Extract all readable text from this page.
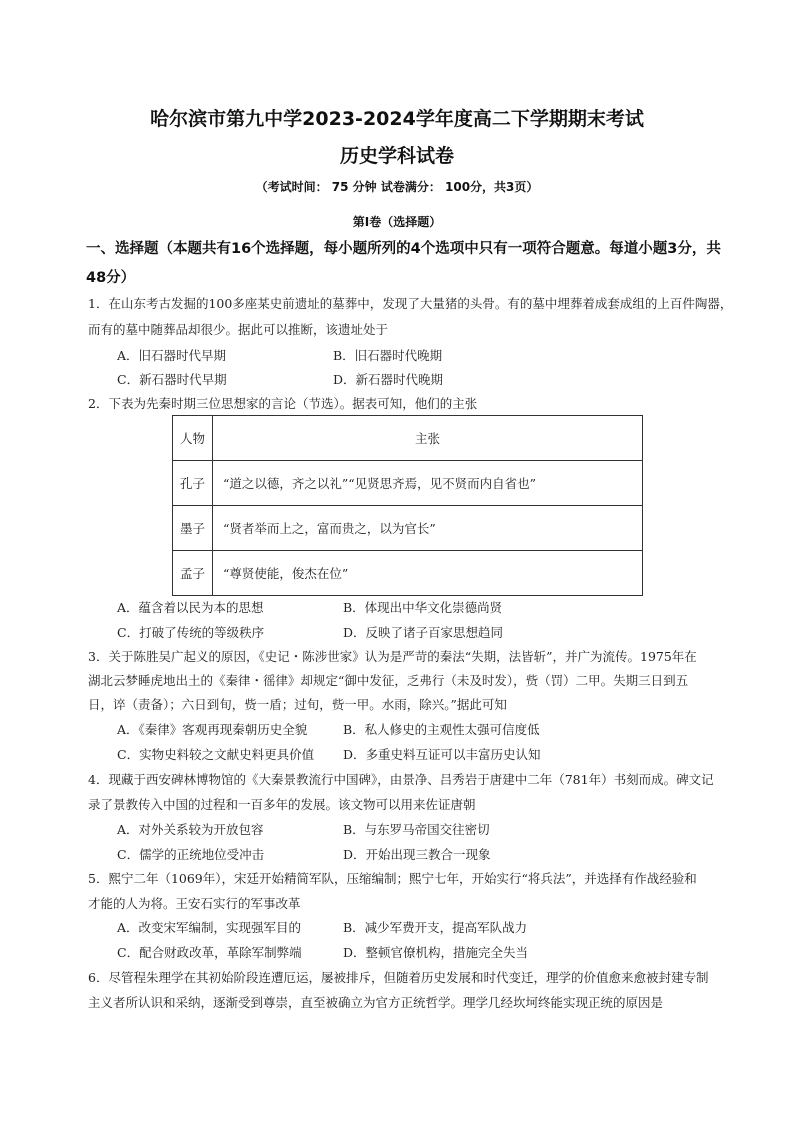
哈尔滨市第九中学2023-2024学年度高二下学期期末考试
历史学科试卷
（考试时间： 75 分钟 试卷满分： 100分，共3页）
第Ⅰ卷（选择题）
一、选择题（本题共有16个选择题，每小题所列的4个选项中只有一项符合题意。每道小题3分，共
48分）
1．在山东考古发掘的100多座某史前遗址的墓葬中，发现了大量猪的头骨。有的墓中埋葬着成套成组的上百件陶器，
而有的墓中随葬品却很少。据此可以推断，该遗址处于
A．旧石器时代早期	B．旧石器时代晚期
C．新石器时代早期	D．新石器时代晚期
2．下表为先秦时期三位思想家的言论（节选）。据表可知，他们的主张
人物	主张
孔子	“道之以德，齐之以礼”“见贤思齐焉，见不贤而内自省也”
墨子	“贤者举而上之，富而贵之，以为官长”
孟子	“尊贤使能，俊杰在位”
A．蕴含着以民为本的思想	B．体现出中华文化崇德尚贤
C．打破了传统的等级秩序	D．反映了诸子百家思想趋同
3．关于陈胜吴广起义的原因，《史记・陈涉世家》认为是严苛的秦法“失期，法皆斩”，并广为流传。1975年在
湖北云梦睡虎地出土的《秦律・徭律》却规定“御中发征，乏弗行（未及时发），赀（罚）二甲。失期三日到五
日，谇（责备）；六日到旬，赀一盾；过旬，赀一甲。水雨，除兴。”据此可知
A．《秦律》客观再现秦朝历史全貌	B．私人修史的主观性太强可信度低
C．实物史料较之文献史料更具价值 D．多重史料互证可以丰富历史认知
4．现藏于西安碑林博物馆的《大秦景教流行中国碑》，由景净、吕秀岩于唐建中二年（781年）书刻而成。碑文记
录了景教传入中国的过程和一百多年的发展。该文物可以用来佐证唐朝
A．对外关系较为开放包容	B．与东罗马帝国交往密切
C．儒学的正统地位受冲击	D．开始出现三教合一现象
5．熙宁二年（1069年），宋廷开始精简军队，压缩编制；熙宁七年，开始实行“将兵法”，并选择有作战经验和
才能的人为将。王安石实行的军事改革
A．改变宋军编制，实现强军目的	B．减少军费开支，提高军队战力
C．配合财政改革，革除军制弊端	D．整顿官僚机构，措施完全失当
6．尽管程朱理学在其初始阶段连遭厄运，屡被排斥，但随着历史发展和时代变迁，理学的价值愈来愈被封建专制
主义者所认识和采纳，逐渐受到尊崇，直至被确立为官方正统哲学。理学几经坎坷终能实现正统的原因是
